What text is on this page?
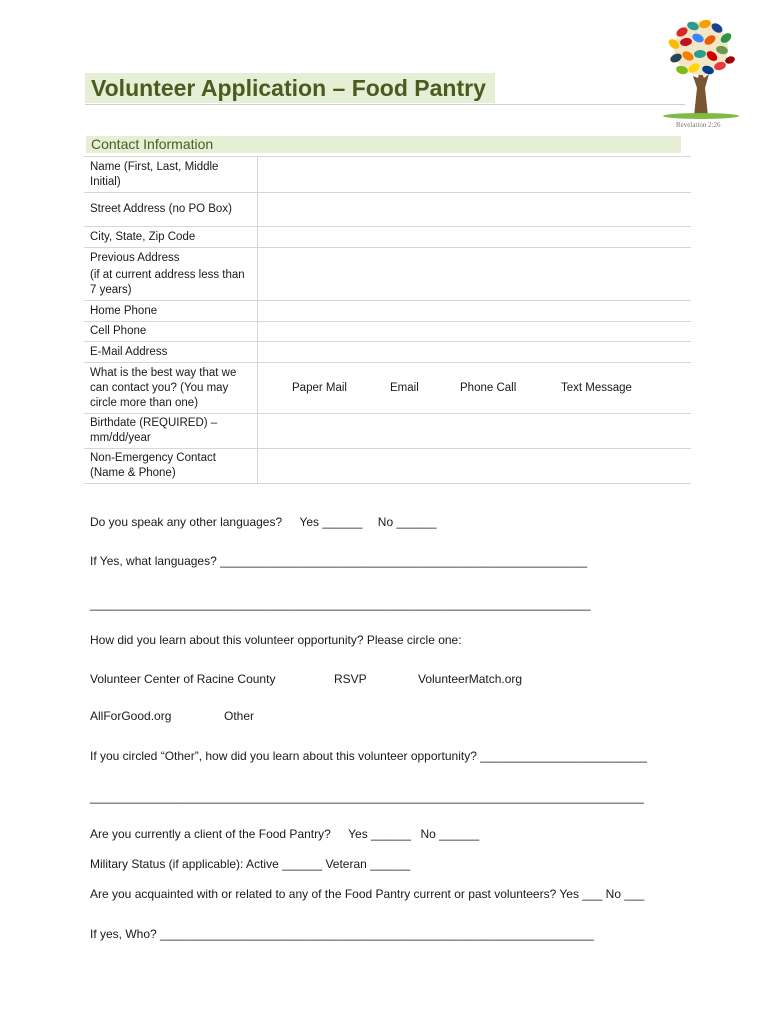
Volunteer Application – Food Pantry
Revelation 2:26
Contact Information
Name (First, Last, Middle Initial)	
Street Address (no PO Box)	
City, State, Zip Code	

Previous Address
(if at current address less than 7 years)	

Home Phone	
Cell Phone	
E-Mail Address	
What is the best way that we can contact you? (You may circle more than one)	Paper Mail Email Phone Call Text Message

Birthdate (REQUIRED) – mm/dd/year	
Non-Emergency Contact (Name & Phone)	
Do you speak any other languages? Yes ______ No ______
If Yes, what languages? _______________________________________________________
___________________________________________________________________________
How did you learn about this volunteer opportunity? Please circle one:
Volunteer Center of Racine County	RSVP	VolunteerMatch.org
AllForGood.org	Other
If you circled “Other”, how did you learn about this volunteer opportunity? _________________________
___________________________________________________________________________________
Are you currently a client of the Food Pantry? Yes ______ No ______
Military Status (if applicable): Active ______ Veteran ______
Are you acquainted with or related to any of the Food Pantry current or past volunteers? Yes ___ No ___
If yes, Who? _________________________________________________________________
